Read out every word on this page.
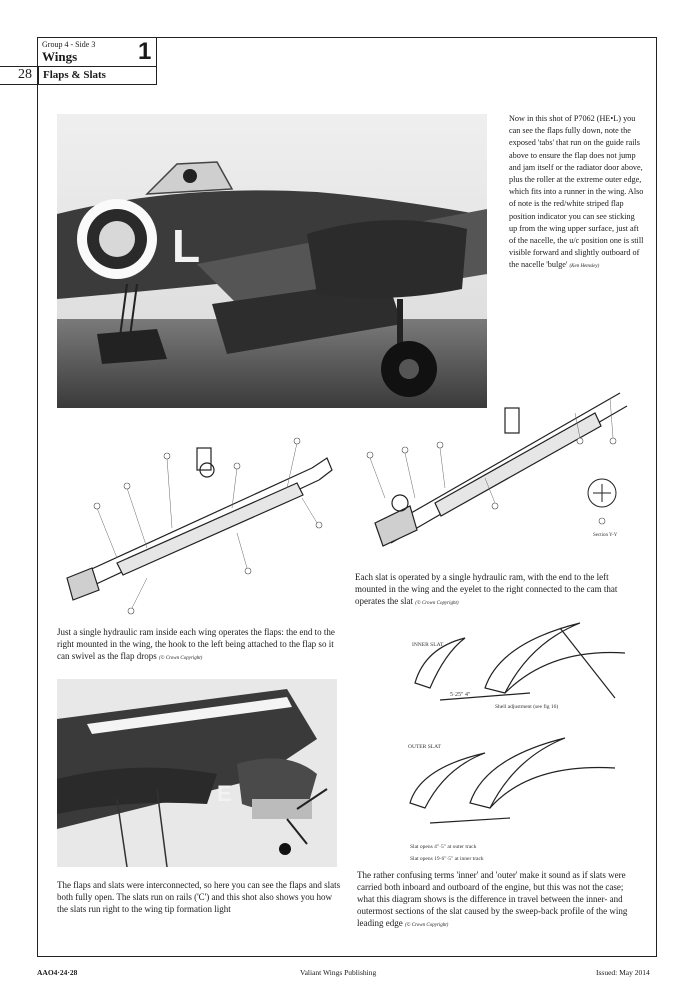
Group 4 - Side 3
Wings	1
28 Flaps & Slats
L
Now in this shot of P7062 (HE•L) you can see the flaps fully down, note the exposed 'tabs' that run on the guide rails above to ensure the flap does not jump and jam itself or the radiator door above, plus the roller at the extreme outer edge, which fits into a runner in the wing. Also of note is the red/white striped flap position indicator you can see sticking up from the wing upper surface, just aft of the nacelle, the u/c position one is still visible forward and slightly outboard of the nacelle 'bulge' (Ken Hemsley)
Section Y-Y
Each slat is operated by a single hydraulic ram, with the end to the left mounted in the wing and the eyelet to the right connected to the cam that operates the slat (© Crown Copyright)
Just a single hydraulic ram inside each wing operates the flaps: the end to the right mounted in the wing, the hook to the left being attached to the flap so it can swivel as the flap drops (© Crown Copyright)
INNER SLAT
OUTER SLAT
5·25" 4"
Shell adjustment (see fig 16)
Slat opens 4"·5" at outer track
Slat opens 19·6"·5" at inner track
E
The flaps and slats were interconnected, so here you can see the flaps and slats both fully open. The slats run on rails ('C') and this shot also shows you how the slats run right to the wing tip formation light
The rather confusing terms 'inner' and 'outer' make it sound as if slats were carried both inboard and outboard of the engine, but this was not the case; what this diagram shows is the difference in travel between the inner- and outermost sections of the slat caused by the sweep-back profile of the wing leading edge (© Crown Copyright)
AAO4·24·28	Valiant Wings Publishing	Issued: May 2014
